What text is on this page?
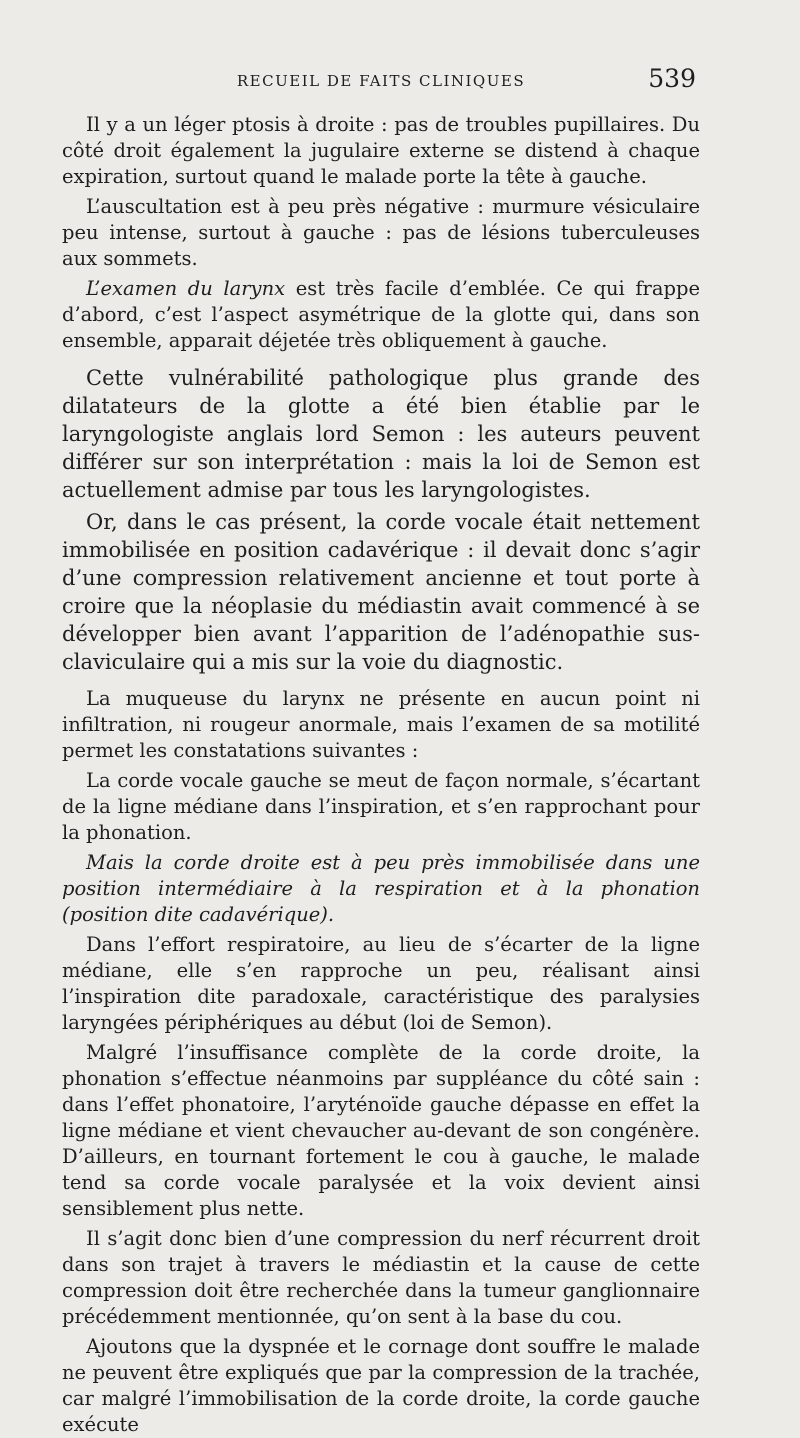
RECUEIL DE FAITS CLINIQUES	539

Il y a un léger ptosis à droite : pas de troubles pupillaires. Du côté droit également la jugulaire externe se distend à chaque expiration, surtout quand le malade porte la tête à gauche.

L’auscultation est à peu près négative : murmure vésiculaire peu intense, surtout à gauche : pas de lésions tuberculeuses aux sommets.

L’examen du larynx est très facile d’emblée. Ce qui frappe d’abord, c’est l’aspect asymétrique de la glotte qui, dans son ensemble, apparait déjetée très obliquement à gauche.

Cette vulnérabilité pathologique plus grande des dilatateurs de la glotte a été bien établie par le laryngologiste anglais lord Semon : les auteurs peuvent différer sur son interprétation : mais la loi de Semon est actuellement admise par tous les laryngologistes.

Or, dans le cas présent, la corde vocale était nettement immobilisée en position cadavérique : il devait donc s’agir d’une compression relativement ancienne et tout porte à croire que la néoplasie du médiastin avait commencé à se développer bien avant l’apparition de l’adénopathie sus-claviculaire qui a mis sur la voie du diagnostic.

La muqueuse du larynx ne présente en aucun point ni infiltration, ni rougeur anormale, mais l’examen de sa motilité permet les constatations suivantes :

La corde vocale gauche se meut de façon normale, s’écartant de la ligne médiane dans l’inspiration, et s’en rapprochant pour la phonation.

Mais la corde droite est à peu près immobilisée dans une position intermédiaire à la respiration et à la phonation (position dite cadavérique).

Dans l’effort respiratoire, au lieu de s’écarter de la ligne médiane, elle s’en rapproche un peu, réalisant ainsi l’inspiration dite paradoxale, caractéristique des paralysies laryngées périphériques au début (loi de Semon).

Malgré l’insuffisance complète de la corde droite, la phonation s’effectue néanmoins par suppléance du côté sain : dans l’effet phonatoire, l’aryténoïde gauche dépasse en effet la ligne médiane et vient chevaucher au-devant de son congénère. D’ailleurs, en tournant fortement le cou à gauche, le malade tend sa corde vocale paralysée et la voix devient ainsi sensiblement plus nette.

Il s’agit donc bien d’une compression du nerf récurrent droit dans son trajet à travers le médiastin et la cause de cette compression doit être recherchée dans la tumeur ganglionnaire précédemment mentionnée, qu’on sent à la base du cou.

Ajoutons que la dyspnée et le cornage dont souffre le malade ne peuvent être expliqués que par la compression de la trachée, car malgré l’immobilisation de la corde droite, la corde gauche exécute
